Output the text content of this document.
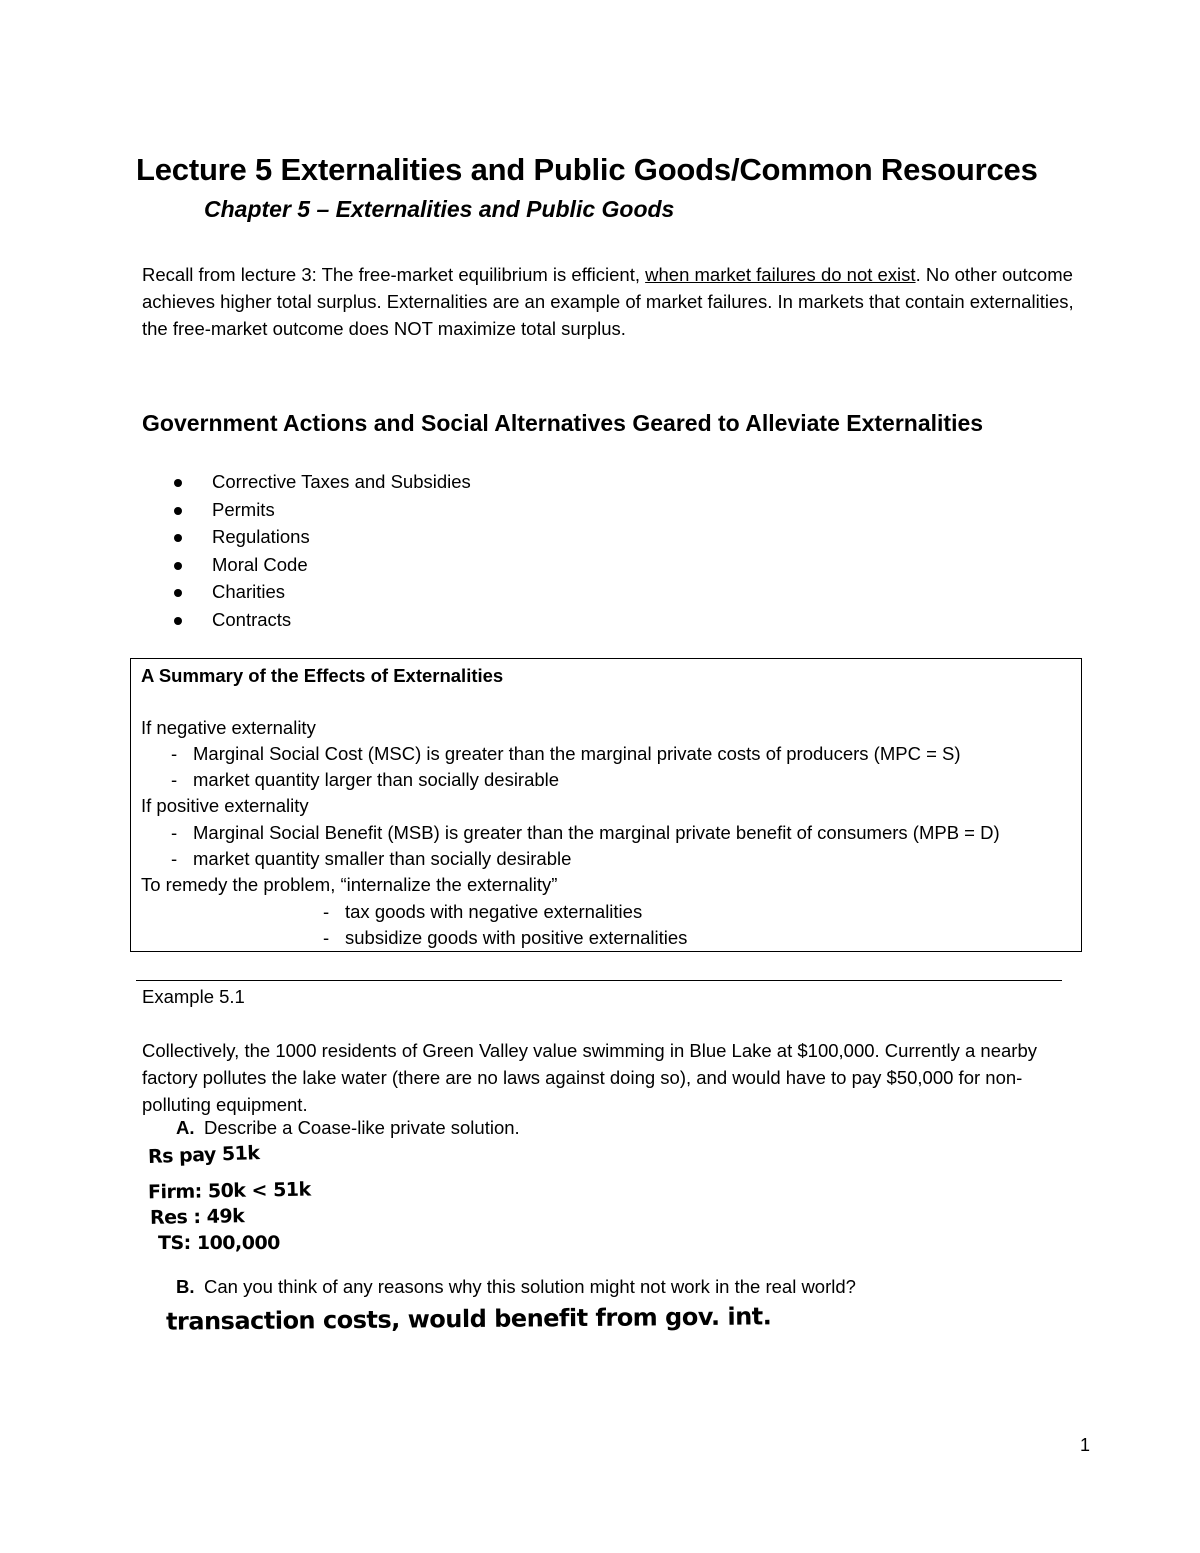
Lecture 5 Externalities and Public Goods/Common Resources
Chapter 5 – Externalities and Public Goods
Recall from lecture 3: The free-market equilibrium is efficient, when market failures do not exist. No other outcome achieves higher total surplus. Externalities are an example of market failures. In markets that contain externalities, the free-market outcome does NOT maximize total surplus.
Government Actions and Social Alternatives Geared to Alleviate Externalities
Corrective Taxes and Subsidies
Permits
Regulations
Moral Code
Charities
Contracts
A Summary of the Effects of Externalities
If negative externality
- Marginal Social Cost (MSC) is greater than the marginal private costs of producers (MPC = S)
- market quantity larger than socially desirable
If positive externality
- Marginal Social Benefit (MSB) is greater than the marginal private benefit of consumers (MPB = D)
- market quantity smaller than socially desirable
To remedy the problem, “internalize the externality”
- tax goods with negative externalities
- subsidize goods with positive externalities
Example 5.1
Collectively, the 1000 residents of Green Valley value swimming in Blue Lake at $100,000. Currently a nearby factory pollutes the lake water (there are no laws against doing so), and would have to pay $50,000 for non-polluting equipment.
A. Describe a Coase-like private solution.
Rs pay 51k
Firm: 50k < 51k
Res : 49k
TS: 100,000
B. Can you think of any reasons why this solution might not work in the real world?
transaction costs, would benefit from gov. int.
1
